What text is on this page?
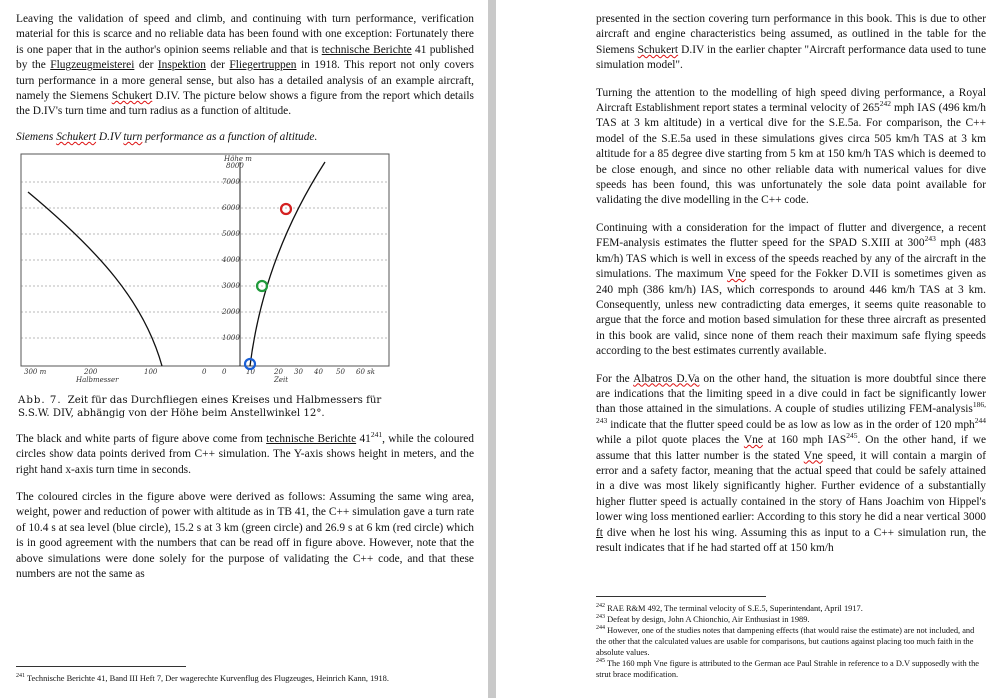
Leaving the validation of speed and climb, and continuing with turn performance, verification material for this is scarce and no reliable data has been found with one exception: Fortunately there is one paper that in the author's opinion seems reliable and that is technische Berichte 41 published by the Flugzeugmeisterei der Inspektion der Fliegertruppen in 1918. This report not only covers turn performance in a more general sense, but also has a detailed analysis of an example aircraft, namely the Siemens Schukert D.IV. The picture below shows a figure from the report which details the D.IV's turn time and turn radius as a function of altitude.

Siemens Schukert D.IV turn performance as a function of altitude.

1000
2000
3000
4000
5000
6000
7000
Höhe m
8000
300 m	200	100	0
Halbmesser
0	10	20 30 40 50 60 sk
Zeit
Abb. 7. Zeit für das Durchfliegen eines Kreises und Halbmessers für S.S.W. DIV, abhängig von der Höhe beim Anstellwinkel 12°.

The black and white parts of figure above come from technische Berichte $41^{241}$, while the coloured circles show data points derived from C++ simulation. The Y-axis shows height in meters, and the right hand x-axis turn time in seconds.

The coloured circles in the figure above were derived as follows: Assuming the same wing area, weight, power and reduction of power with altitude as in TB 41, the C++ simulation gave a turn rate of 10.4 s at sea level (blue circle), 15.2 s at 3 km (green circle) and 26.9 s at 6 km (red circle) which is in good agreement with the numbers that can be read off in figure above. However, note that the above simulations were done solely for the purpose of validating the C++ code, and that these numbers are not the same as

$^{241}$ Technische Berichte 41, Band III Heft 7, Der wagerechte Kurvenflug des Flugzeuges, Heinrich Kann, 1918.

presented in the section covering turn performance in this book. This is due to other aircraft and engine characteristics being assumed, as outlined in the table for the Siemens Schukert D.IV in the earlier chapter "Aircraft performance data used to tune simulation model".

Turning the attention to the modelling of high speed diving performance, a Royal Aircraft Establishment report states a terminal velocity of $265^{242}$ mph IAS (496 km/h TAS at 3 km altitude) in a vertical dive for the S.E.5a. For comparison, the C++ model of the S.E.5a used in these simulations gives circa 505 km/h TAS at 3 km altitude for a 85 degree dive starting from 5 km at 150 km/h TAS which is deemed to be close enough, and since no other reliable data with numerical values for dive speeds has been found, this was unfortunately the sole data point available for validating the dive modelling in the C++ code.

Continuing with a consideration for the impact of flutter and divergence, a recent FEM-analysis estimates the flutter speed for the SPAD S.XIII at $300^{243}$ mph (483 km/h) TAS which is well in excess of the speeds reached by any of the aircraft in the simulations. The maximum Vne speed for the Fokker D.VII is sometimes given as 240 mph (386 km/h) IAS, which corresponds to around 446 km/h TAS at 3 km. Consequently, unless new contradicting data emerges, it seems quite reasonable to argue that the force and motion based simulation for these three aircraft as presented in this book are valid, since none of them reach their maximum safe flying speeds according to the best estimates currently available.

For the Albatros D.Va on the other hand, the situation is more doubtful since there are indications that the limiting speed in a dive could in fact be significantly lower than those attained in the simulations. A couple of studies utilizing FEM-analysis$^{186, 243}$ indicate that the flutter speed could be as low as low as in the order of 120 mph$^{244}$ while a pilot quote places the Vne at 160 mph IAS$^{245}$. On the other hand, if we assume that this latter number is the stated Vne speed, it will contain a margin of error and a safety factor, meaning that the actual speed that could be safely attained in a dive was most likely significantly higher. Further evidence of a substantially higher flutter speed is actually contained in the story of Hans Joachim von Hippel's lower wing loss mentioned earlier: According to this story he did a near vertical 3000 ft dive when he lost his wing. Assuming this as input to a C++ simulation run, the result indicates that if he had started off at 150 km/h

$^{242}$ RAE R&M 492, The terminal velocity of S.E.5, Superintendant, April 1917.

$^{243}$ Defeat by design, John A Chionchio, Air Enthusiast in 1989.

$^{244}$ However, one of the studies notes that dampening effects (that would raise the estimate) are not included, and the other that the calculated values are usable for comparisons, but cautions against placing too much faith in the absolute values.

$^{245}$ The 160 mph Vne figure is attributed to the German ace Paul Strahle in reference to a D.V supposedly with the strut brace modification.
